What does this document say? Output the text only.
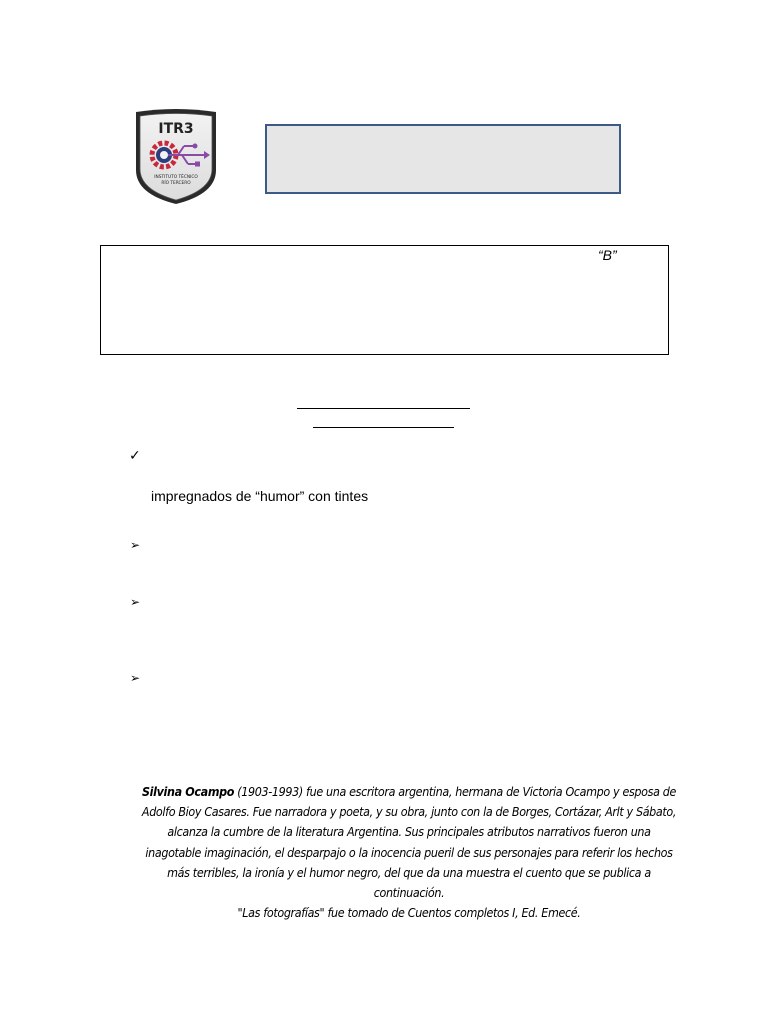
ITR3
INSTITUTO TÉCNICO
RÍO TERCERO
“B”
✓
impregnados de “humor” con tintes
➢
➢
➢

Silvina Ocampo (1903-1993) fue una escritora argentina, hermana de Victoria Ocampo y esposa de Adolfo Bioy Casares. Fue narradora y poeta, y su obra, junto con la de Borges, Cortázar, Arlt y Sábato, alcanza la cumbre de la literatura Argentina. Sus principales atributos narrativos fueron una inagotable imaginación, el desparpajo o la inocencia pueril de sus personajes para referir los hechos más terribles, la ironía y el humor negro, del que da una muestra el cuento que se publica a continuación.

"Las fotografías" fue tomado de Cuentos completos I, Ed. Emecé.
